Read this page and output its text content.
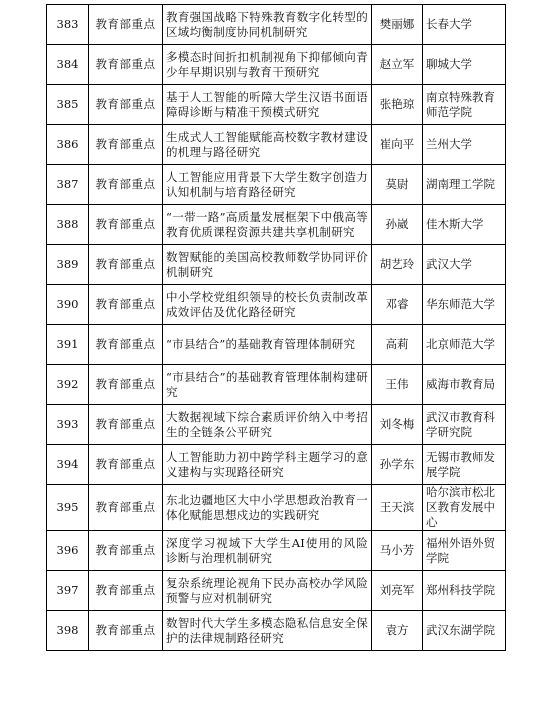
383	教育部重点	教育强国战略下特殊教育数字化转型的区域均衡制度协同机制研究	樊丽娜	长春大学
384	教育部重点	多模态时间折扣机制视角下抑郁倾向青少年早期识别与教育干预研究	赵立军	聊城大学
385	教育部重点	基于人工智能的听障大学生汉语书面语障碍诊断与精准干预模式研究	张艳琼	南京特殊教育师范学院
386	教育部重点	生成式人工智能赋能高校数字教材建设的机理与路径研究	崔向平	兰州大学
387	教育部重点	人工智能应用背景下大学生数字创造力认知机制与培育路径研究	莫尉	湖南理工学院
388	教育部重点	“一带一路”高质量发展框架下中俄高等教育优质课程资源共建共享机制研究	孙崴	佳木斯大学
389	教育部重点	数智赋能的美国高校教师数学协同评价机制研究	胡艺玲	武汉大学
390	教育部重点	中小学校党组织领导的校长负责制改革成效评估及优化路径研究	邓睿	华东师范大学
391	教育部重点	“市县结合”的基础教育管理体制研究	高莉	北京师范大学
392	教育部重点	“市县结合”的基础教育管理体制构建研究	王伟	威海市教育局
393	教育部重点	大数据视域下综合素质评价纳入中考招生的全链条公平研究	刘冬梅	武汉市教育科学研究院
394	教育部重点	人工智能助力初中跨学科主题学习的意义建构与实现路径研究	孙学东	无锡市教师发展学院
395	教育部重点	东北边疆地区大中小学思想政治教育一体化赋能思想戍边的实践研究	王天滨	哈尔滨市松北区教育发展中心
396	教育部重点	深度学习视域下大学生AI使用的风险诊断与治理机制研究	马小芳	福州外语外贸学院
397	教育部重点	复杂系统理论视角下民办高校办学风险预警与应对机制研究	刘亮军	郑州科技学院
398	教育部重点	数智时代大学生多模态隐私信息安全保护的法律规制路径研究	袁方	武汉东湖学院
